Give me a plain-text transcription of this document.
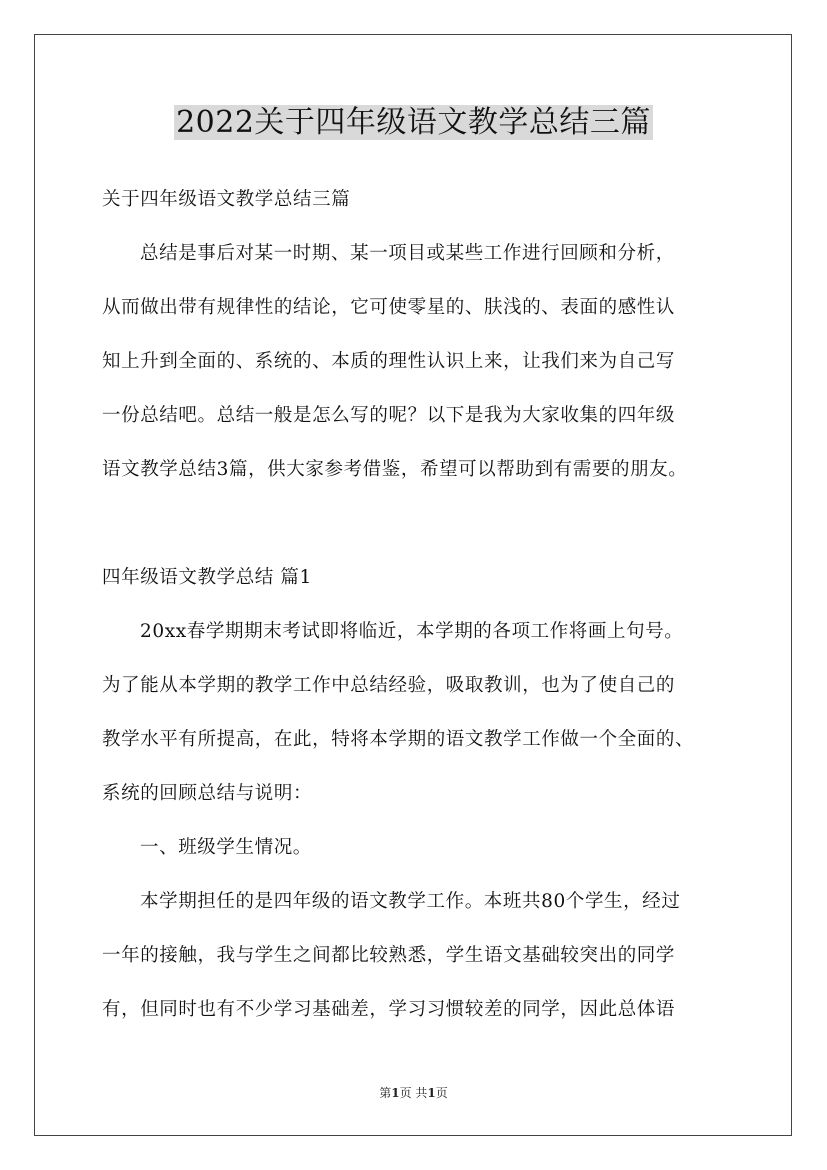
2022关于四年级语文教学总结三篇
关于四年级语文教学总结三篇
总结是事后对某一时期、某一项目或某些工作进行回顾和分析，
从而做出带有规律性的结论，它可使零星的、肤浅的、表面的感性认
知上升到全面的、系统的、本质的理性认识上来，让我们来为自己写
一份总结吧。总结一般是怎么写的呢？以下是我为大家收集的四年级
语文教学总结3篇，供大家参考借鉴，希望可以帮助到有需要的朋友。
四年级语文教学总结 篇1
20xx春学期期末考试即将临近，本学期的各项工作将画上句号。
为了能从本学期的教学工作中总结经验，吸取教训，也为了使自己的
教学水平有所提高，在此，特将本学期的语文教学工作做一个全面的、
系统的回顾总结与说明：
一、班级学生情况。
本学期担任的是四年级的语文教学工作。本班共80个学生，经过
一年的接触，我与学生之间都比较熟悉，学生语文基础较突出的同学
有，但同时也有不少学习基础差，学习习惯较差的同学，因此总体语
第1页 共1页
